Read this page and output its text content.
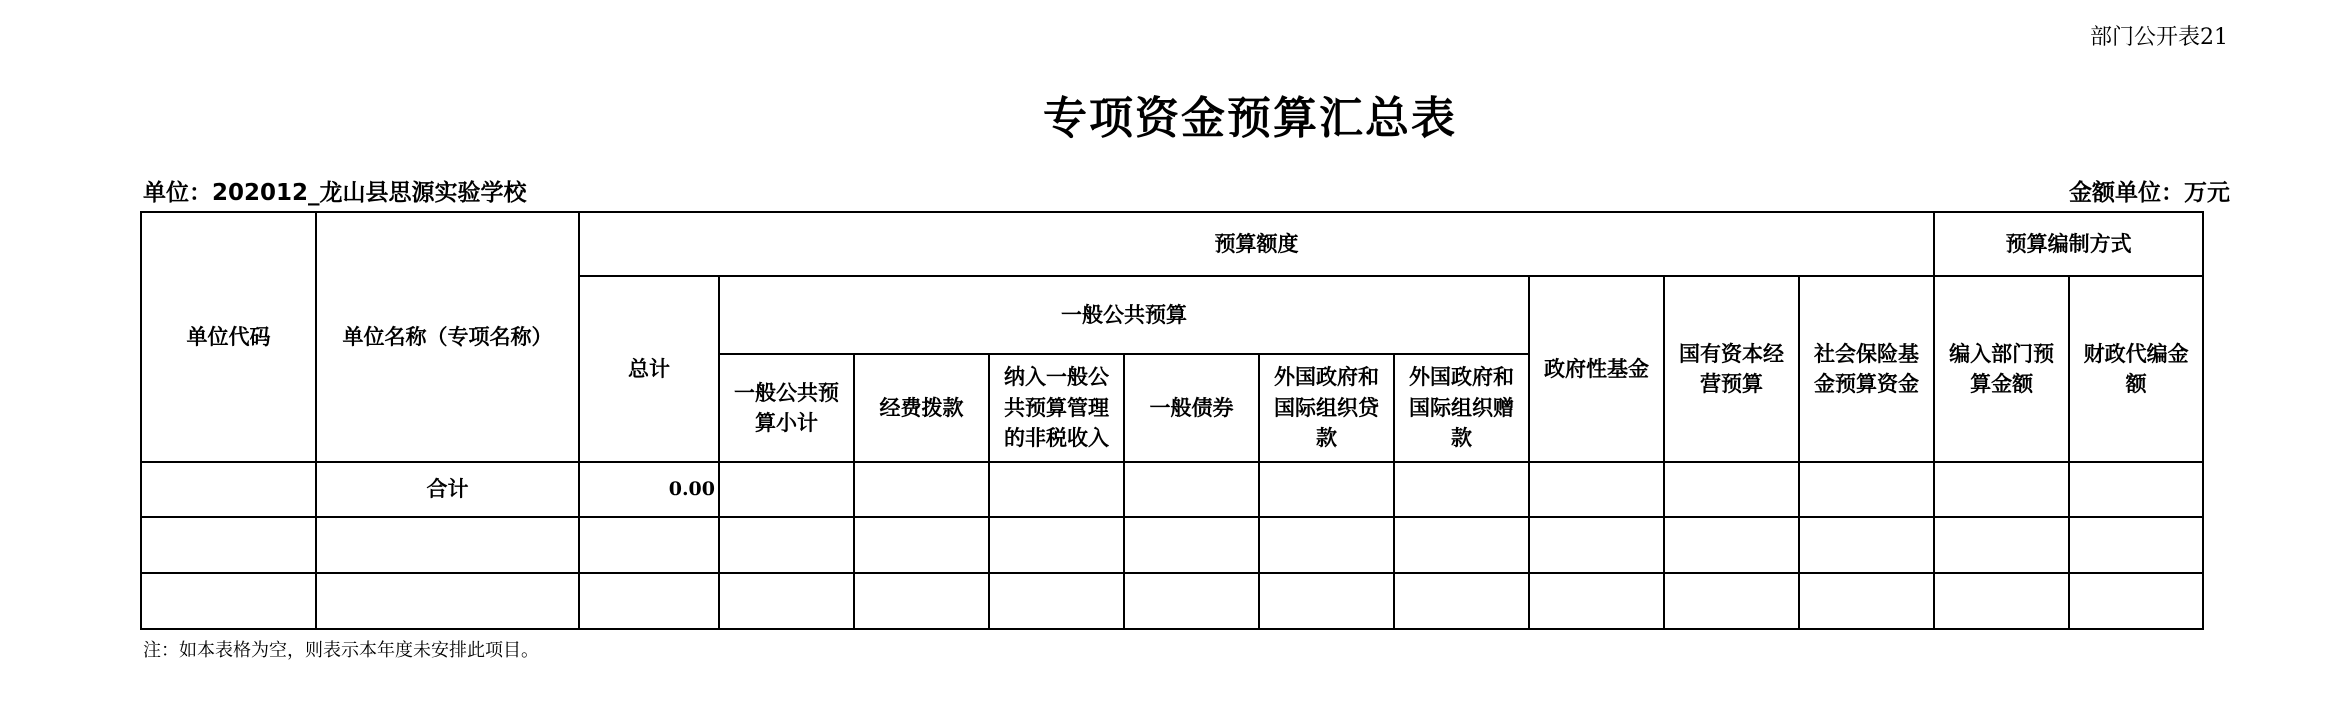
部门公开表21
专项资金预算汇总表
单位：202012_龙山县思源实验学校	金额单位：万元
单位代码	单位名称（专项名称）	预算额度										预算编制方式	
		总计	一般公共预算						政府性基金	国有资本经营预算	社会保险基金预算资金	编入部门预算金额	财政代编金额
			一般公共预算小计	经费拨款	纳入一般公共预算管理的非税收入	一般债券	外国政府和国际组织贷款	外国政府和国际组织赠款					
	合计	0.00											

注：如本表格为空，则表示本年度未安排此项目。
